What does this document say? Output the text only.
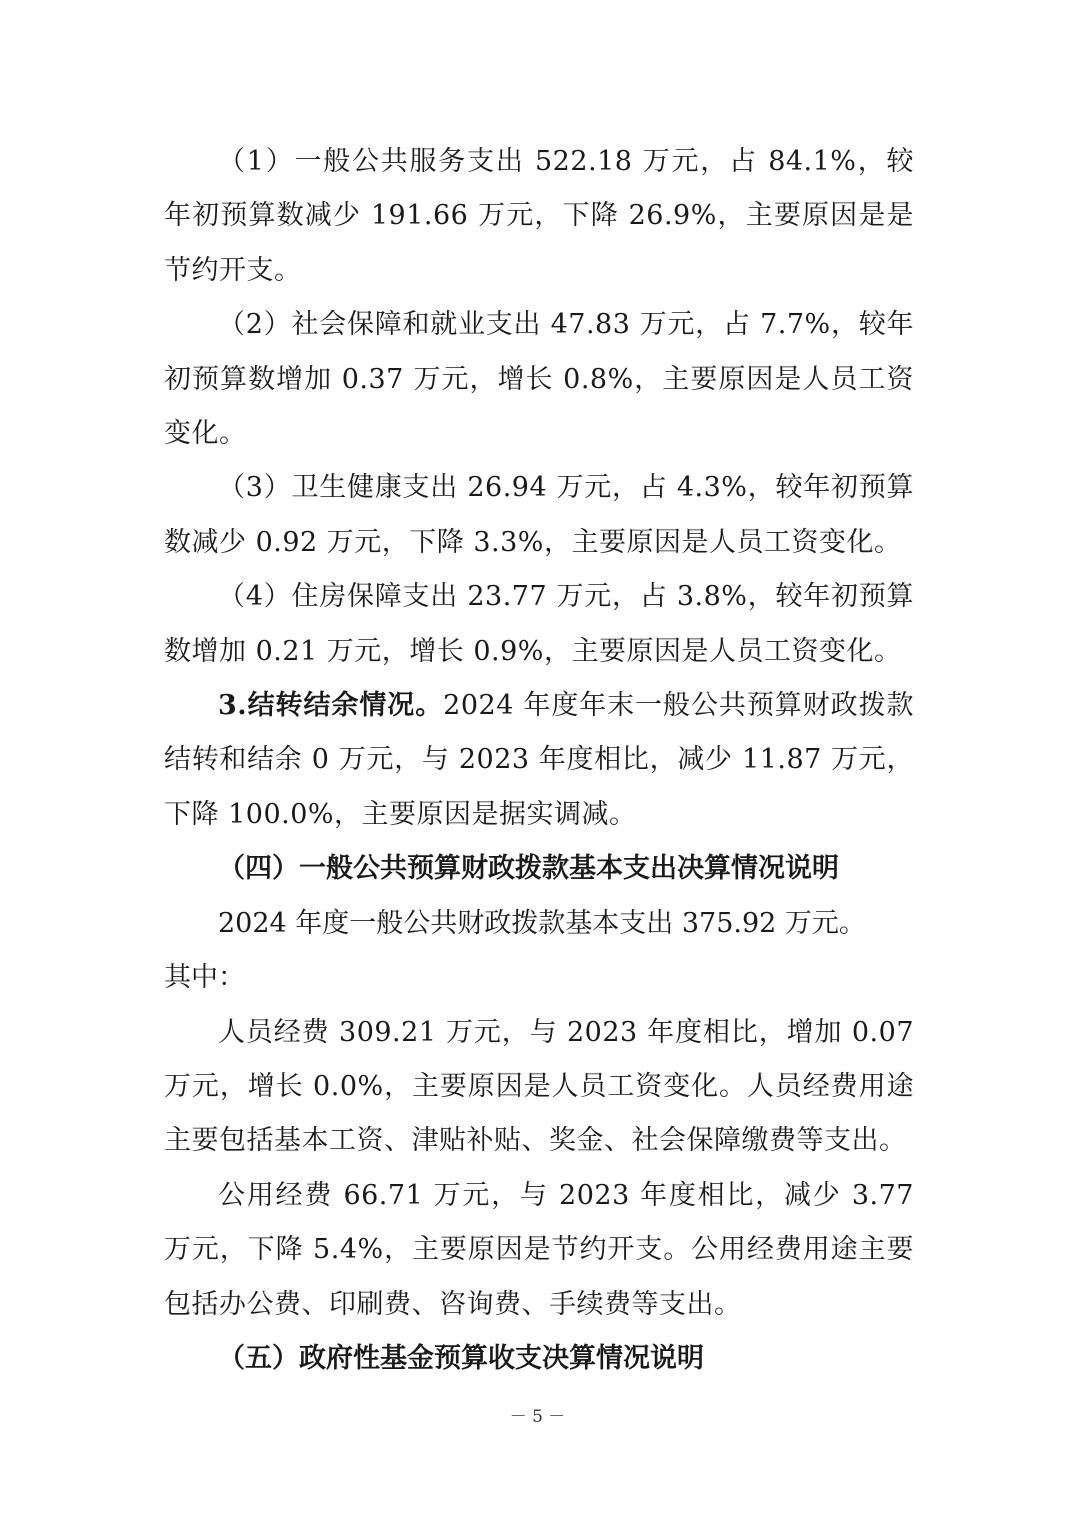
（1）一般公共服务支出 522.18 万元，占 84.1%，较年初预算数减少 191.66 万元，下降 26.9%，主要原因是是节约开支。

（2）社会保障和就业支出 47.83 万元，占 7.7%，较年初预算数增加 0.37 万元，增长 0.8%，主要原因是人员工资变化。

（3）卫生健康支出 26.94 万元，占 4.3%，较年初预算数减少 0.92 万元，下降 3.3%，主要原因是人员工资变化。

（4）住房保障支出 23.77 万元，占 3.8%，较年初预算数增加 0.21 万元，增长 0.9%，主要原因是人员工资变化。

3.结转结余情况。2024 年度年末一般公共预算财政拨款结转和结余 0 万元，与 2023 年度相比，减少 11.87 万元，下降 100.0%，主要原因是据实调减。

（四）一般公共预算财政拨款基本支出决算情况说明

2024 年度一般公共财政拨款基本支出 375.92 万元。

其中：

人员经费 309.21 万元，与 2023 年度相比，增加 0.07 万元，增长 0.0%，主要原因是人员工资变化。人员经费用途主要包括基本工资、津贴补贴、奖金、社会保障缴费等支出。

公用经费 66.71 万元，与 2023 年度相比，减少 3.77 万元，下降 5.4%，主要原因是节约开支。公用经费用途主要包括办公费、印刷费、咨询费、手续费等支出。

（五）政府性基金预算收支决算情况说明

－ 5 －
